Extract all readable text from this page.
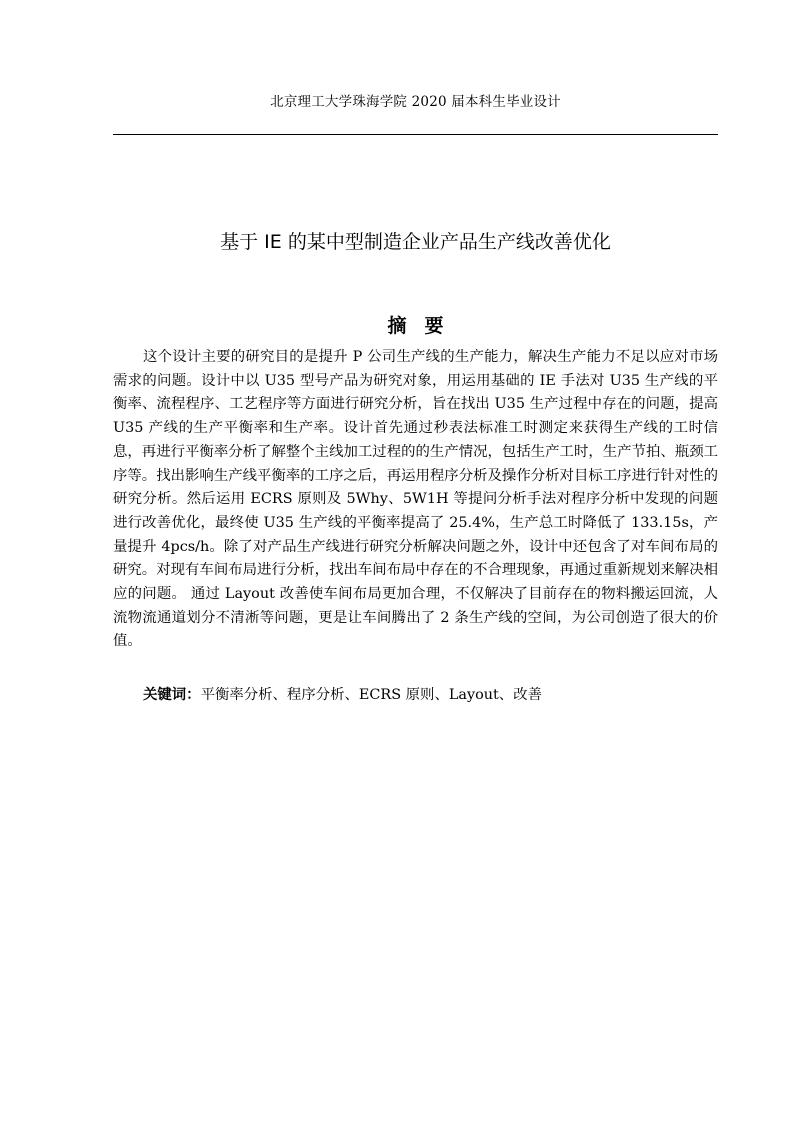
北京理工大学珠海学院 2020 届本科生毕业设计
基于 IE 的某中型制造企业产品生产线改善优化
摘要

这个设计主要的研究目的是提升 P 公司生产线的生产能力，解决生产能力不足以应对市场需求的问题。设计中以 U35 型号产品为研究对象，用运用基础的 IE 手法对 U35 生产线的平衡率、流程程序、工艺程序等方面进行研究分析，旨在找出 U35 生产过程中存在的问题，提高 U35 产线的生产平衡率和生产率。设计首先通过秒表法标准工时测定来获得生产线的工时信息，再进行平衡率分析了解整个主线加工过程的的生产情况，包括生产工时，生产节拍、瓶颈工序等。找出影响生产线平衡率的工序之后，再运用程序分析及操作分析对目标工序进行针对性的研究分析。然后运用 ECRS 原则及 5Why、5W1H 等提问分析手法对程序分析中发现的问题进行改善优化，最终使 U35 生产线的平衡率提高了 25.4%，生产总工时降低了 133.15s，产量提升 4pcs/h。除了对产品生产线进行研究分析解决问题之外，设计中还包含了对车间布局的研究。对现有车间布局进行分析，找出车间布局中存在的不合理现象，再通过重新规划来解决相应的问题。 通过 Layout 改善使车间布局更加合理，不仅解决了目前存在的物料搬运回流，人流物流通道划分不清淅等问题，更是让车间腾出了 2 条生产线的空间，为公司创造了很大的价值。

关键词：平衡率分析、程序分析、ECRS 原则、Layout、改善
